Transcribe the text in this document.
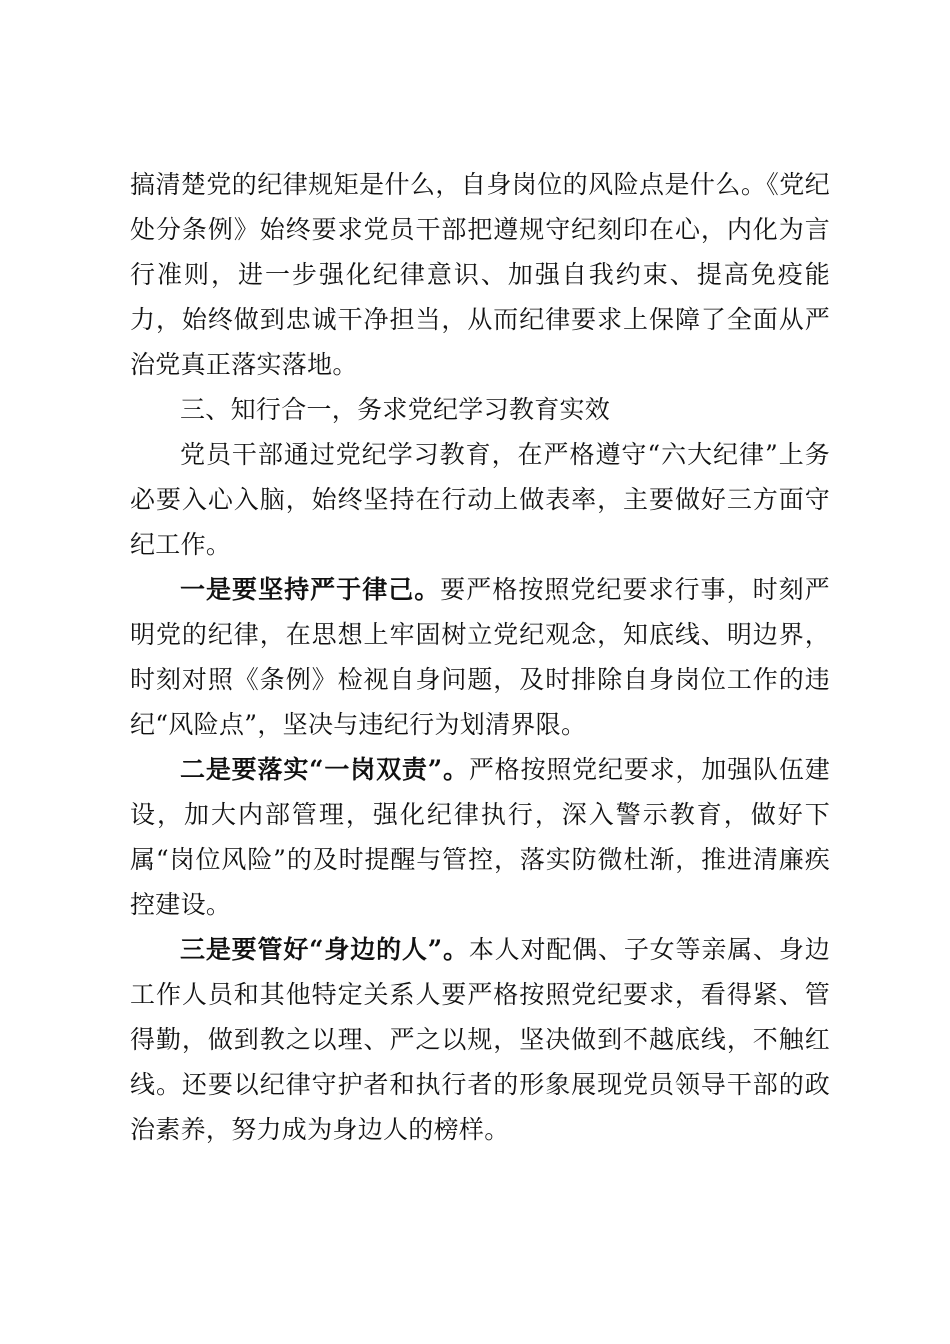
搞清楚党的纪律规矩是什么，自身岗位的风险点是什么。《党纪处分条例》始终要求党员干部把遵规守纪刻印在心，内化为言行准则，进一步强化纪律意识、加强自我约束、提高免疫能力，始终做到忠诚干净担当，从而纪律要求上保障了全面从严治党真正落实落地。

三、知行合一，务求党纪学习教育实效

党员干部通过党纪学习教育，在严格遵守“六大纪律”上务必要入心入脑，始终坚持在行动上做表率，主要做好三方面守纪工作。

一是要坚持严于律己。要严格按照党纪要求行事，时刻严明党的纪律，在思想上牢固树立党纪观念，知底线、明边界，时刻对照《条例》检视自身问题，及时排除自身岗位工作的违纪“风险点”，坚决与违纪行为划清界限。

二是要落实“一岗双责”。严格按照党纪要求，加强队伍建设，加大内部管理，强化纪律执行，深入警示教育，做好下属“岗位风险”的及时提醒与管控，落实防微杜渐，推进清廉疾控建设。

三是要管好“身边的人”。本人对配偶、子女等亲属、身边工作人员和其他特定关系人要严格按照党纪要求，看得紧、管得勤，做到教之以理、严之以规，坚决做到不越底线，不触红线。还要以纪律守护者和执行者的形象展现党员领导干部的政治素养，努力成为身边人的榜样。
